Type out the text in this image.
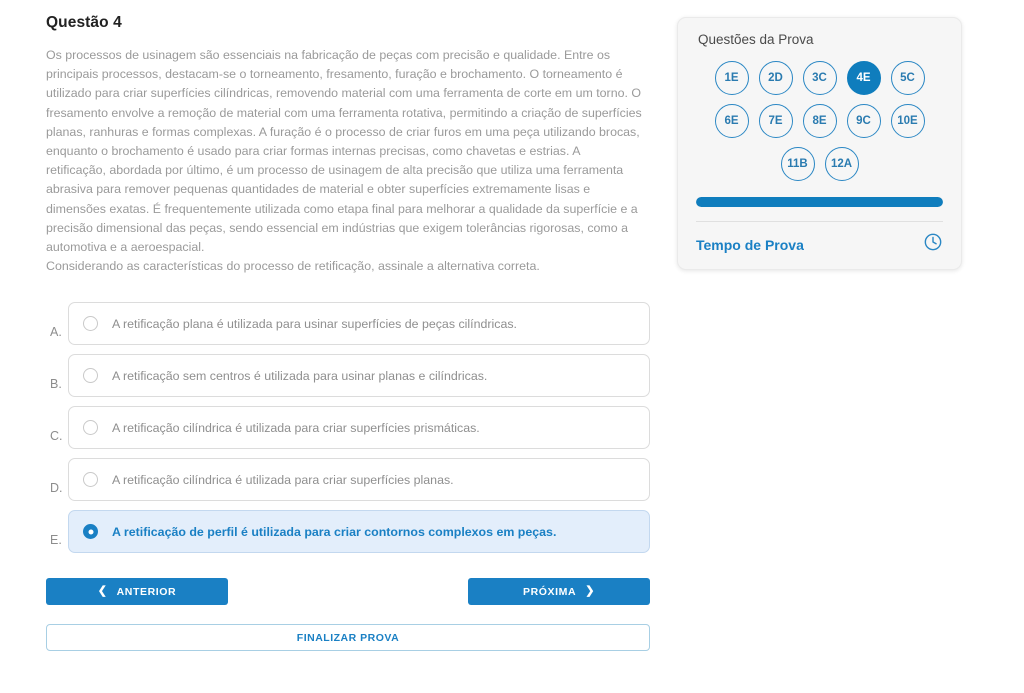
Questão 4

Os processos de usinagem são essenciais na fabricação de peças com precisão e qualidade. Entre os principais processos, destacam-se o torneamento, fresamento, furação e brochamento. O torneamento é utilizado para criar superfícies cilíndricas, removendo material com uma ferramenta de corte em um torno. O fresamento envolve a remoção de material com uma ferramenta rotativa, permitindo a criação de superfícies planas, ranhuras e formas complexas. A furação é o processo de criar furos em uma peça utilizando brocas, enquanto o brochamento é usado para criar formas internas precisas, como chavetas e estrias. A retificação, abordada por último, é um processo de usinagem de alta precisão que utiliza uma ferramenta abrasiva para remover pequenas quantidades de material e obter superfícies extremamente lisas e dimensões exatas. É frequentemente utilizada como etapa final para melhorar a qualidade da superfície e a precisão dimensional das peças, sendo essencial em indústrias que exigem tolerâncias rigorosas, como a automotiva e a aeroespacial.

Considerando as características do processo de retificação, assinale a alternativa correta.

A.
A retificação plana é utilizada para usinar superfícies de peças cilíndricas.
B.
A retificação sem centros é utilizada para usinar planas e cilíndricas.
C.
A retificação cilíndrica é utilizada para criar superfícies prismáticas.
D.
A retificação cilíndrica é utilizada para criar superfícies planas.
E.
A retificação de perfil é utilizada para criar contornos complexos em peças.
❮ ANTERIOR	PRÓXIMA ❯
FINALIZAR PROVA
Questões da Prova
1E	2D	3C	4E	5C
6E	7E	8E	9C	10E
11B	12A
Tempo de Prova
